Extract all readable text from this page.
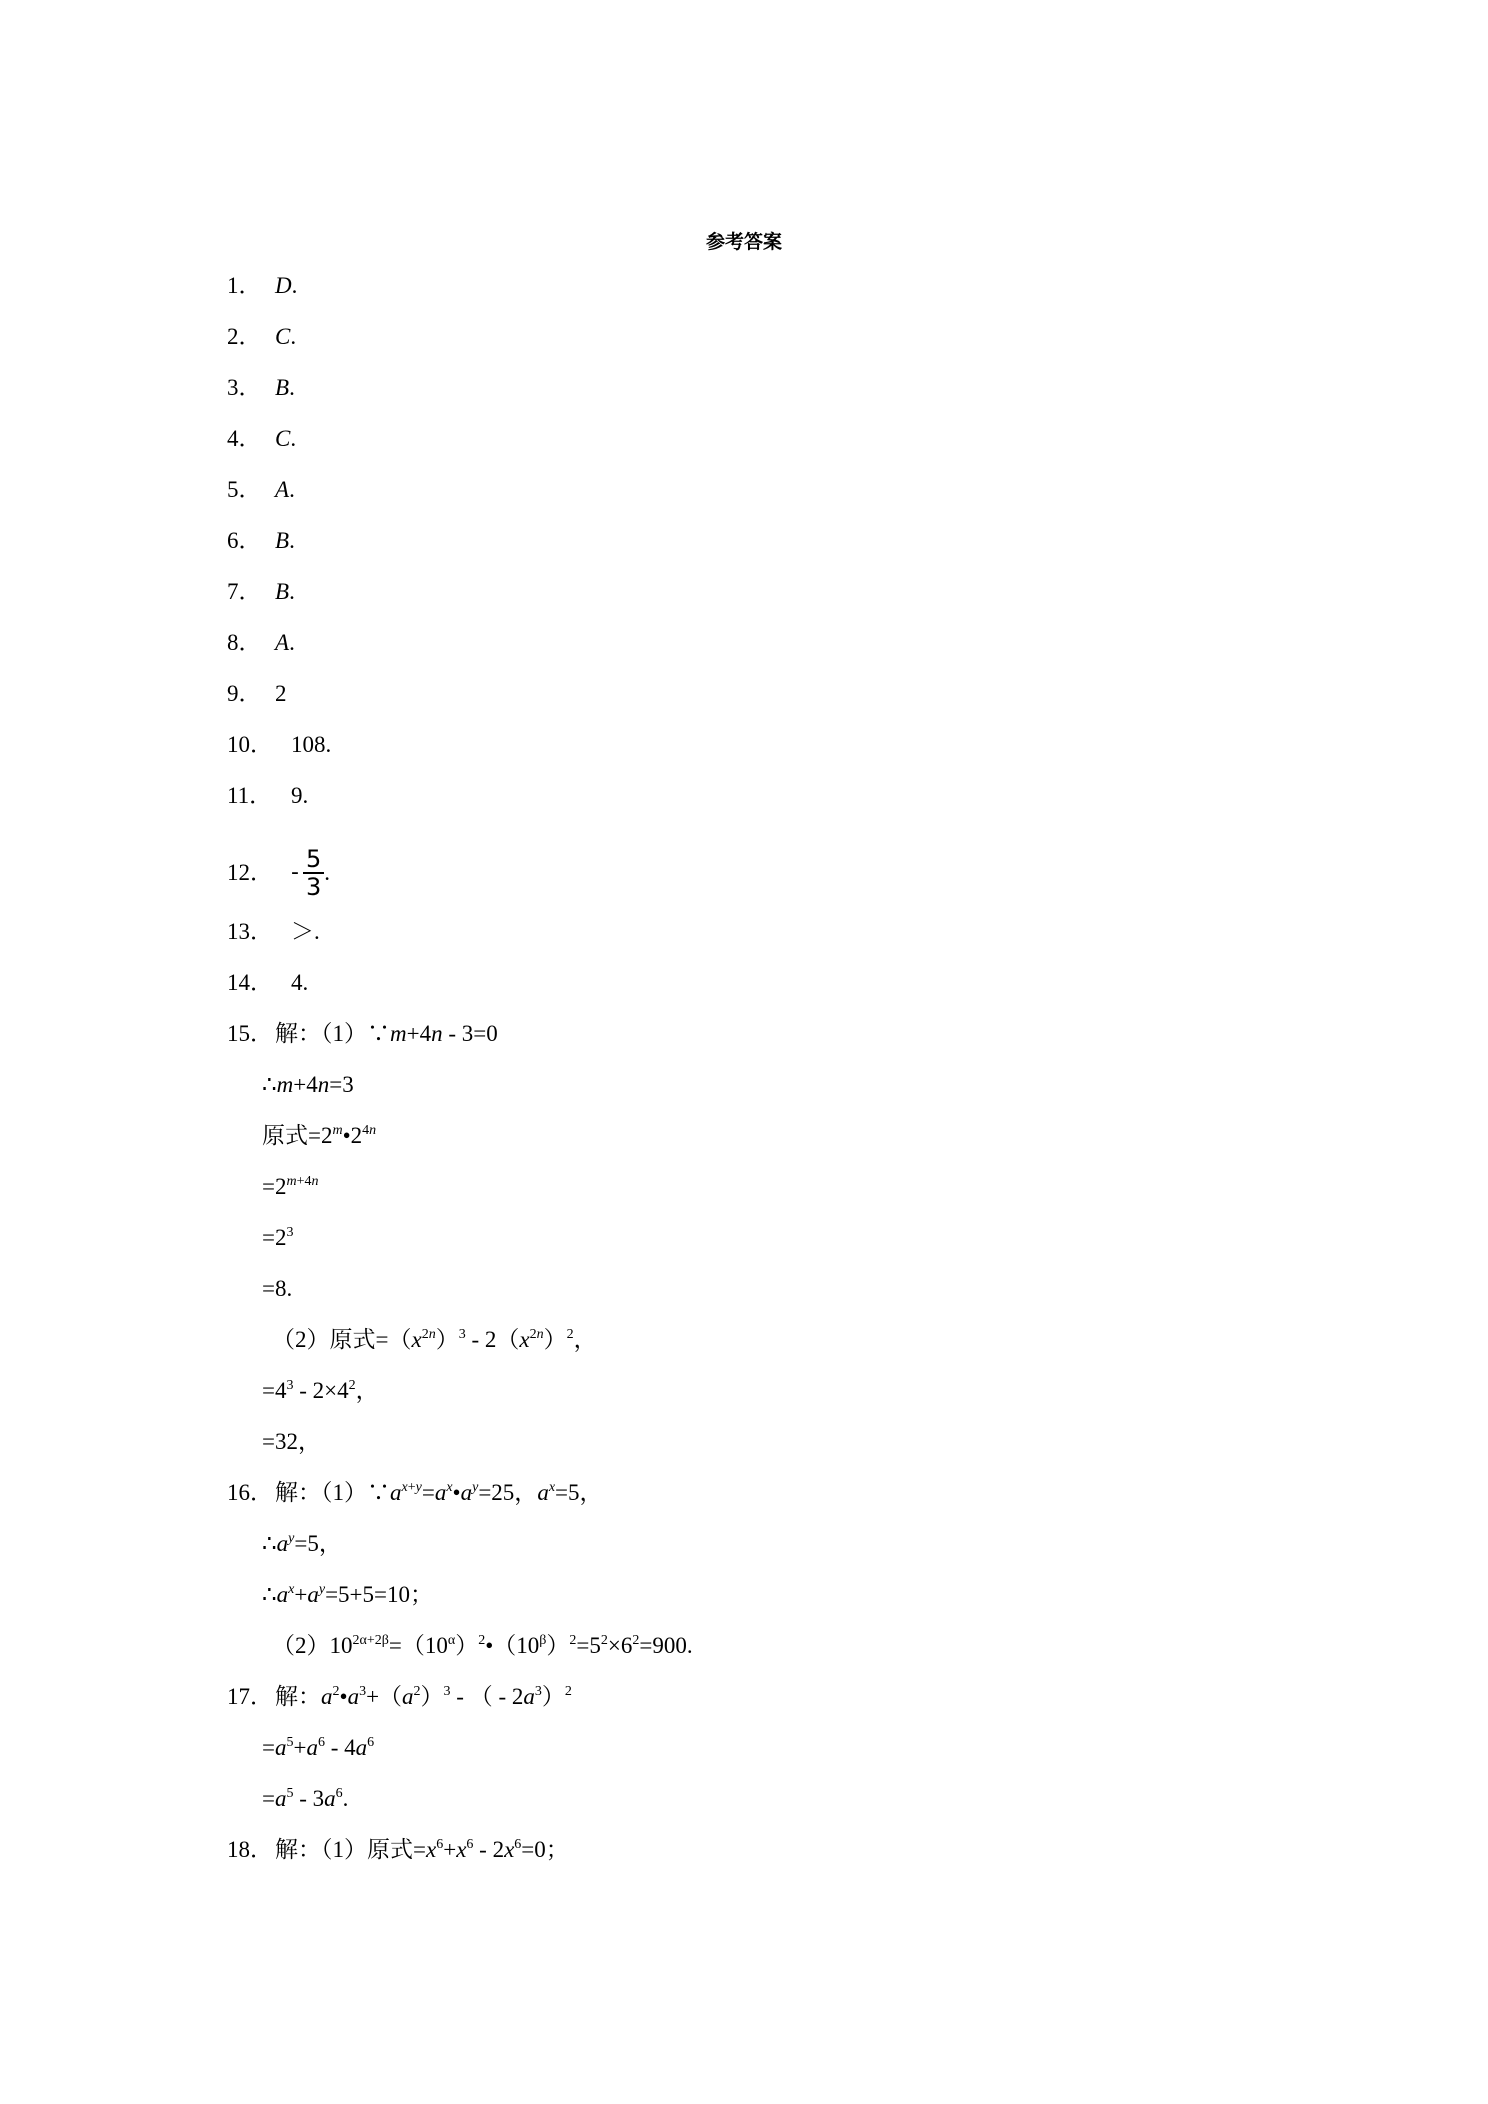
参考答案
1． D.
2． C.
3． B.
4． C.
5． A.
6． B.
7． B.
8． A.
9． 2
10． 108.
11． 9.
12． - $\frac{5}{3}$ .
13． ＞.
14． 4.
15．解：（1）∵m+4n - 3=0
∴m+4n=3
原式$=2^m•2^{4n}$
$=2^{m+4n}$
$=2^3$
=8.
（2）原式$=(x^{2n})^3 - 2(x^{2n})^2$，
$=4^3 - 2\times 4^2$，
=32，
16．解：$(1)\because a^{x+y}=a^x•a^y=25$，$a^x=5$，
$\therefore a^y=5$，
$\therefore a^x+a^y=5+5=10$；
$(2)10^{2\alpha+2\beta}=(10^\alpha)^2•(10^\beta)^2=5^2\times 6^2=900$.
17．解：$a^2•a^3+(a^2)^3$ - （ - $2a^3)^2$
$=a^5+a^6 - 4a^6$
$=a^5 - 3a^6$.
18．解：（1）原式$=x^6+x^6 - 2x^6=0$；
